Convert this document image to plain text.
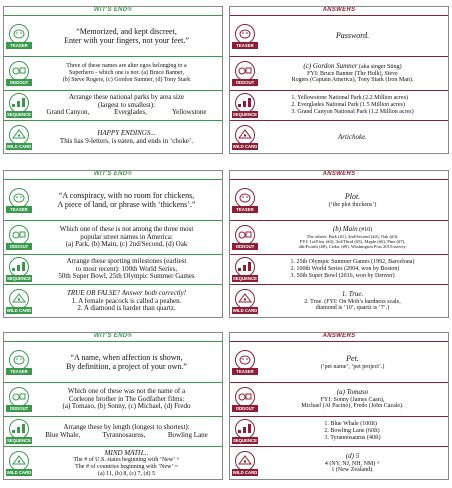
WIT'S END®
TEASER
“Memorized, and kept discreet,
Enter with your fingers, not your feet.”
ODDOUT
Three of these names are alter egos belonging to a
Superhero - which one is not: (a) Bruce Banner,
(b) Steve Rogers, (c) Gordon Sumner, (d) Tony Stark
SEQUENCE
Arrange these national parks by area size
(largest to smallest):
Grand Canyon,	Everglades,	Yellowstone
WILD CARD
HAPPY ENDINGS...
This has 9-letters, is eaten, and ends in ‘choke’.
ANSWERS
TEASER
Password.
ODDOUT
(c) Gordon Sumner (aka singer Sting)
FYI: Bruce Banner (The Hulk), Steve
Rogers (Captain America), Tony Stark (Iron Man).
SEQUENCE
1. Yellowstone National Park (2.2 Million acres)
2. Everglades National Park (1.5 Million acres)
3. Grand Canyon National Park (1.2 Million acres)
WILD CARD
Artichoke.
WIT'S END®
TEASER
“A conspiracy, with no room for chickens,
A piece of land, or phrase with ‘thickens’.”
ODDOUT
Which one of these is not among the three most
popular street names in America:
(a) Park, (b) Main, (c) 2nd/Second, (d) Oak
SEQUENCE
Arrange these sporting milestones (earliest
to most recent): 100th World Series,
50th Super Bowl, 25th Olympic Summer Games
WILD CARD
TRUE OR FALSE? Answer both correctly!
1. A female peacock is called a peahen.
2. A diamond is harder than quartz.
ANSWERS
TEASER
Plot.
(‘the plot thickens’)
ODDOUT
(b) Main (#10)
The others: Park (#1), 2nd/Second (#2), Oak (#3).
FYI: 1st/First (#4), 3rd/Third (#5), Maple (#6), Pine (#7),
4th/Fourth (#8), Cedar (#9). Washington Post 2015/survey.
SEQUENCE
1. 25th Olympic Summer Games (1992, Barcelona)
2. 100th World Series (2004, won by Boston)
3. 50th Super Bowl (2016, won by Denver)
WILD CARD
1. True.
2. True. (FYI: On Moh’s hardness scale,
diamond is ‘10’, quartz is ‘7’.)
WIT'S END®
TEASER
“A name, when affection is shown,
By definition, a project of your own.”
ODDOUT
Which one of these was not the name of a
Corleone brother in The Godfather films:
(a) Tomaso, (b) Sonny, (c) Michael, (d) Fredo
SEQUENCE
Arrange these by length (longest to shortest):
Blue Whale,	Tyrannosaurus,	Bowling Lane
WILD CARD
MIND MATH...
The # of U.S. states beginning with ‘New’ +
The # of countries beginning with ‘New’ =
(a) 11, (b) 8, (c) 7, (d) 5
ANSWERS
TEASER
Pet.
(‘pet name’, ‘pet project’.)
ODDOUT
(a) Tomaso
FYI: Sonny (James Caan),
Michael (Al Pacino), Fredo (John Cazale).
SEQUENCE
1. Blue Whale (100ft)
2. Bowling Lane (60ft)
3. Tyrannosaurus (40ft)
WILD CARD
(d) 5
4 (NY, NJ, NH, NM) +
1 (New Zealand).
